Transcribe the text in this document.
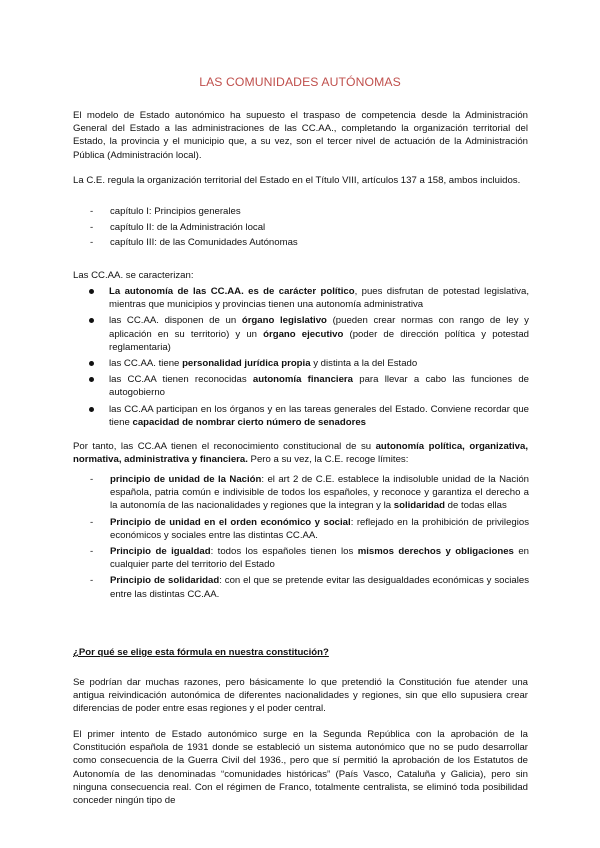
LAS COMUNIDADES AUTÓNOMAS

El modelo de Estado autonómico ha supuesto el traspaso de competencia desde la Administración General del Estado a las administraciones de las CC.AA., completando la organización territorial del Estado, la provincia y el municipio que, a su vez, son el tercer nivel de actuación de la Administración Pública (Administración local).

La C.E. regula la organización territorial del Estado en el Título VIII, artículos 137 a 158, ambos incluidos.

- capítulo I: Principios generales
- capítulo II: de la Administración local
- capítulo III: de las Comunidades Autónomas

Las CC.AA. se caracterizan:

La autonomía de las CC.AA. es de carácter político, pues disfrutan de potestad legislativa, mientras que municipios y provincias tienen una autonomía administrativa
las CC.AA. disponen de un órgano legislativo (pueden crear normas con rango de ley y aplicación en su territorio) y un órgano ejecutivo (poder de dirección política y potestad reglamentaria)
las CC.AA. tiene personalidad jurídica propia y distinta a la del Estado
las CC.AA tienen reconocidas autonomía financiera para llevar a cabo las funciones de autogobierno
las CC.AA participan en los órganos y en las tareas generales del Estado. Conviene recordar que tiene capacidad de nombrar cierto número de senadores

Por tanto, las CC.AA tienen el reconocimiento constitucional de su autonomía política, organizativa, normativa, administrativa y financiera. Pero a su vez, la C.E. recoge límites:

- principio de unidad de la Nación: el art 2 de C.E. establece la indisoluble unidad de la Nación española, patria común e indivisible de todos los españoles, y reconoce y garantiza el derecho a la autonomía de las nacionalidades y regiones que la integran y la solidaridad de todas ellas
- Principio de unidad en el orden económico y social: reflejado en la prohibición de privilegios económicos y sociales entre las distintas CC.AA.
- Principio de igualdad: todos los españoles tienen los mismos derechos y obligaciones en cualquier parte del territorio del Estado
- Principio de solidaridad: con el que se pretende evitar las desigualdades económicas y sociales entre las distintas CC.AA.

¿Por qué se elige esta fórmula en nuestra constitución?

Se podrían dar muchas razones, pero básicamente lo que pretendió la Constitución fue atender una antigua reivindicación autonómica de diferentes nacionalidades y regiones, sin que ello supusiera crear diferencias de poder entre esas regiones y el poder central.

El primer intento de Estado autonómico surge en la Segunda República con la aprobación de la Constitución española de 1931 donde se estableció un sistema autonómico que no se pudo desarrollar como consecuencia de la Guerra Civil del 1936., pero que sí permitió la aprobación de los Estatutos de Autonomía de las denominadas “comunidades históricas” (País Vasco, Cataluña y Galicia), pero sin ninguna consecuencia real. Con el régimen de Franco, totalmente centralista, se eliminó toda posibilidad conceder ningún tipo de
